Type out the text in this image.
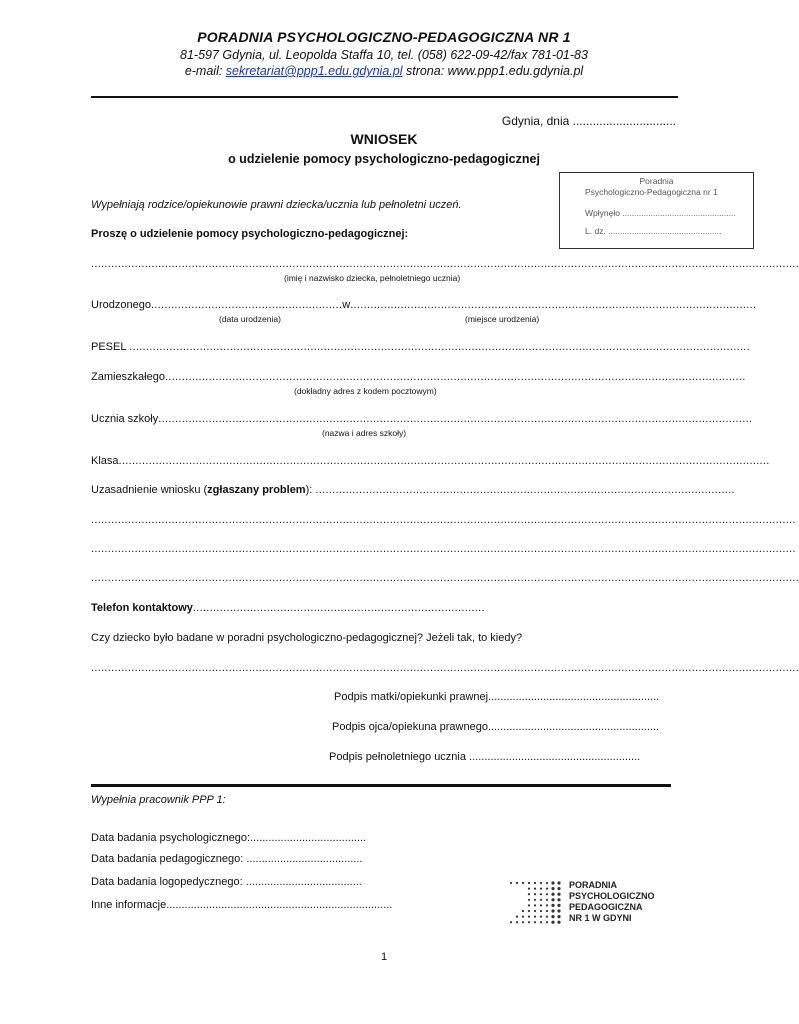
PORADNIA PSYCHOLOGICZNO-PEDAGOGICZNA NR 1
81-597 Gdynia, ul. Leopolda Staffa 10, tel. (058) 622-09-42/fax 781-01-83
e-mail: sekretariat@ppp1.edu.gdynia.pl strona: www.ppp1.edu.gdynia.pl
Gdynia, dnia ...............................
WNIOSEK
o udzielenie pomocy psychologiczno-pedagogicznej
Poradnia
Psychologiczno-Pedagogiczna nr 1
Wpłynęło ................................................
L. dz. ................................................
Wypełniają rodzice/opiekunowie prawni dziecka/ucznia lub pełnoletni uczeń.
Proszę o udzielenie pomocy psychologiczno-pedagogicznej:
...................................................................................................................................................................................................................
(imię i nazwisko dziecka, pełnoletniego ucznia)
Urodzonego.........................................................w.........................................................................................................................
(data urodzenia)	(miejsce urodzenia)
PESEL .........................................................................................................................................................................................
Zamieszkałego.............................................................................................................................................................................
(dokładny adres z kodem pocztowym)
Ucznia szkoły.................................................................................................................................................................................
(nazwa i adres szkoły)
Klasa..................................................................................................................................................................................................
Uzasadnienie wniosku (zgłaszany problem): .............................................................................................................................
..................................................................................................................................................................................................................
..................................................................................................................................................................................................................
...................................................................................................................................................................................................................
Telefon kontaktowy.......................................................................................
Czy dziecko było badane w poradni psychologiczno-pedagogicznej? Jeżeli tak, to kiedy?
...................................................................................................................................................................................................................
Podpis matki/opiekunki prawnej........................................................
Podpis ojca/opiekuna prawnego........................................................
Podpis pełnoletniego ucznia ........................................................
Wypełnia pracownik PPP 1:
Data badania psychologicznego:......................................
Data badania pedagogicznego: ......................................
Data badania logopedycznego: ......................................
Inne informacje..........................................................................
PORADNIA
PSYCHOLOGICZNO
PEDAGOGICZNA
NR 1 W GDYNI
1
